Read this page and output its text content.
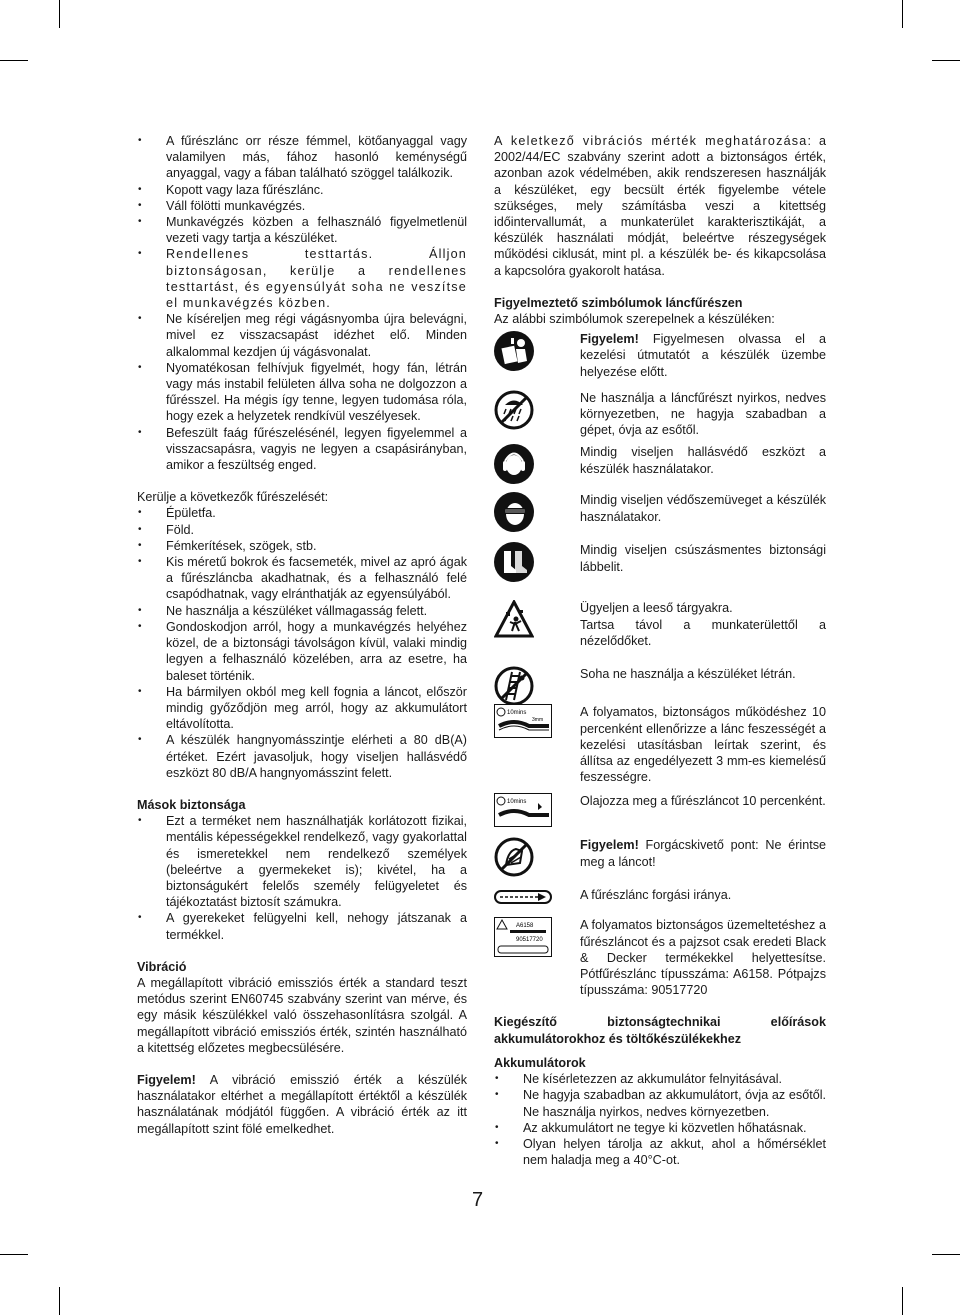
• A fűrészlánc orr része fémmel, kötőanyaggal vagy valamilyen más, fához hasonló keménységű anyaggal, vagy a fában található szöggel találkozik.
• Kopott vagy laza fűrészlánc.
• Váll fölötti munkavégzés.
• Munkavégzés közben a felhasználó figyelmetlenül vezeti vagy tartja a készüléket.
• Rendellenes testtartás. Álljon biztonságosan, kerülje a rendellenes testtartást, és egyensúlyát soha ne veszítse el munkavégzés közben.
• Ne kíséreljen meg régi vágásnyomba újra belevágni, mivel ez visszacsapást idézhet elő. Minden alkalommal kezdjen új vágásvonalat.
• Nyomatékosan felhívjuk figyelmét, hogy fán, létrán vagy más instabil felületen állva soha ne dolgozzon a fűrésszel. Ha mégis így tenne, legyen tudomása róla, hogy ezek a helyzetek rendkívül veszélyesek.
• Befeszült faág fűrészelésénél, legyen figyelemmel a visszacsapásra, vagyis ne legyen a csapásirányban, amikor a feszültség enged.

Kerülje a következők fűrészelését:

• Épületfa.
• Föld.
• Fémkerítések, szögek, stb.
• Kis méretű bokrok és facsemeték, mivel az apró ágak a fűrészláncba akadhatnak, és a felhasználó felé csapódhatnak, vagy elránthatják az egyensúlyából.
• Ne használja a készüléket vállmagasság felett.
• Gondoskodjon arról, hogy a munkavégzés helyéhez közel, de a biztonsági távolságon kívül, valaki mindig legyen a felhasználó közelében, arra az esetre, ha baleset történik.
• Ha bármilyen okból meg kell fognia a láncot, először mindig győződjön meg arról, hogy az akkumulátort eltávolította.
• A készülék hangnyomásszintje elérheti a 80 dB(A) értéket. Ezért javasoljuk, hogy viseljen hallásvédő eszközt 80 dB/A hangnyomásszint felett.

Mások biztonsága

• Ezt a terméket nem használhatják korlátozott fizikai, mentális képességekkel rendelkező, vagy gyakorlattal és ismeretekkel nem rendelkező személyek (beleértve a gyermekeket is); kivétel, ha a biztonságukért felelős személy felügyeletet és tájékoztatást biztosít számukra.
• A gyerekeket felügyelni kell, nehogy játszanak a termékkel.

Vibráció

A megállapított vibráció emissziós érték a standard teszt metódus szerint EN60745 szabvány szerint van mérve, és egy másik készülékkel való összehasonlításra szolgál. A megállapított vibráció emissziós érték, szintén használható a kitettség előzetes megbecsülésére.

Figyelem! A vibráció emisszió érték a készülék használatakor eltérhet a megállapított értéktől a készülék használatának módjától függően. A vibráció érték az itt megállapított szint fölé emelkedhet.

A keletkező vibrációs mérték meghatározása: a 2002/44/EC szabvány szerint adott a biztonságos érték, azonban azok védelmében, akik rendszeresen használják a készüléket, egy becsült érték figyelembe vétele szükséges, mely számításba veszi a kitettség időintervallumát, a munkaterület karakterisztikáját, a készülék használati módját, beleértve részegységek működési ciklusát, mint pl. a készülék be- és kikapcsolása a kapcsolóra gyakorolt hatása.

Figyelmeztető szimbólumok láncfűrészen

Az alábbi szimbólumok szerepelnek a készüléken:

Figyelem! Figyelmesen olvassa el a kezelési útmutatót a készülék üzembe helyezése előtt.

Ne használja a láncfűrészt nyirkos, nedves környezetben, ne hagyja szabadban a gépet, óvja az esőtől.

Mindig viseljen hallásvédő eszközt a készülék használatakor.

Mindig viseljen védőszemüveget a készülék használatakor.

Mindig viseljen csúszásmentes biztonsági lábbelit.

Ügyeljen a leeső tárgyakra.
Tartsa távol a munkaterülettől a nézelődőket.

Soha ne használja a készüléket létrán.

10mins
3mm

A folyamatos, biztonságos működéshez 10 percenként ellenőrizze a lánc feszességét a kezelési utasításban leírtak szerint, és állítsa az engedélyezett 3 mm-es kiemelésű feszességre.

10mins	Olajozza meg a fűrészláncot 10 percenként.

Figyelem! Forgácskivető pont: Ne érintse meg a láncot!

A fűrészlánc forgási iránya.

A6158
90517720

A folyamatos biztonságos üzemeltetéshez a fűrészláncot és a pajzsot csak eredeti Black & Decker termékekkel helyettesítse. Pótfűrészlánc típusszáma: A6158. Pótpajzs típusszáma: 90517720

Kiegészítő biztonságtechnikai előírások akkumulátorokhoz és töltőkészülékekhez

Akkumulátorok

• Ne kísérletezzen az akkumulátor felnyitásával.
• Ne hagyja szabadban az akkumulátort, óvja az esőtől. Ne használja nyirkos, nedves környezetben.
• Az akkumulátort ne tegye ki közvetlen hőhatásnak.
• Olyan helyen tárolja az akkut, ahol a hőmérséklet nem haladja meg a 40°C-ot.
7
